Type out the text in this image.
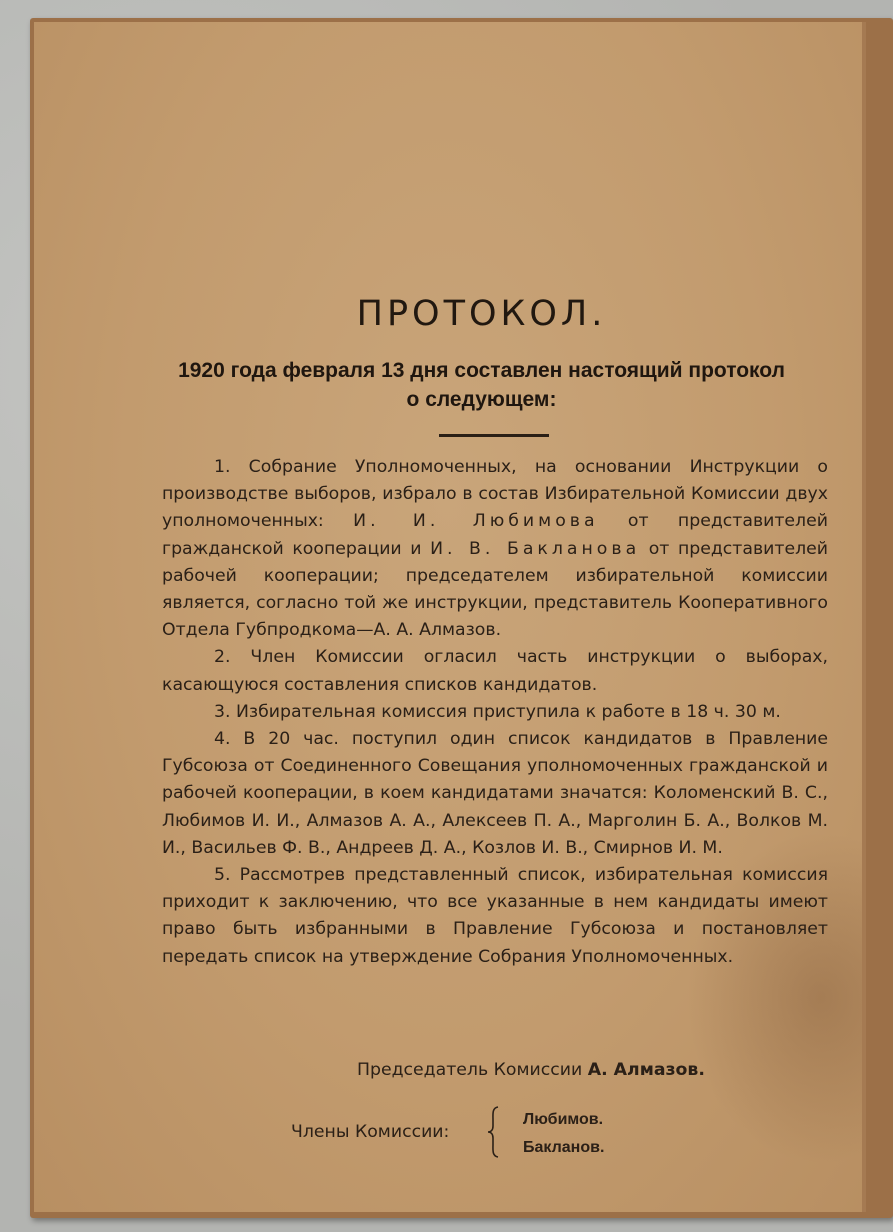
ПРОТОКОЛ.
1920 года февраля 13 дня составлен настоящий протокол
о следующем:

1. Собрание Уполномоченных, на основании Инструкции о производстве выборов, избрало в состав Избирательной Комиссии двух уполномоченных: И. И. Любимова от представителей гражданской кооперации и И. В. Бакланова от представителей рабочей кооперации; председателем избирательной комиссии является, согласно той же инструкции, представитель Кооперативного Отдела Губпродкома—А. А. Алмазов.

2. Член Комиссии огласил часть инструкции о выборах, касающуюся составления списков кандидатов.

3. Избирательная комиссия приступила к работе в 18 ч. 30 м.

4. В 20 час. поступил один список кандидатов в Правление Губсоюза от Соединенного Совещания уполномоченных гражданской и рабочей кооперации, в коем кандидатами значатся: Коломенский В. С., Любимов И. И., Алмазов А. А., Алексеев П. А., Марголин Б. А., Волков М. И., Васильев Ф. В., Андреев Д. А., Козлов И. В., Смирнов И. М.

5. Рассмотрев представленный список, избирательная комиссия приходит к заключению, что все указанные в нем кандидаты имеют право быть избранными в Правление Губсоюза и постановляет передать список на утверждение Собрания Уполномоченных.

Председатель Комиссии А. Алмазов.
Члены Комиссии:
Любимов.
Бакланов.
